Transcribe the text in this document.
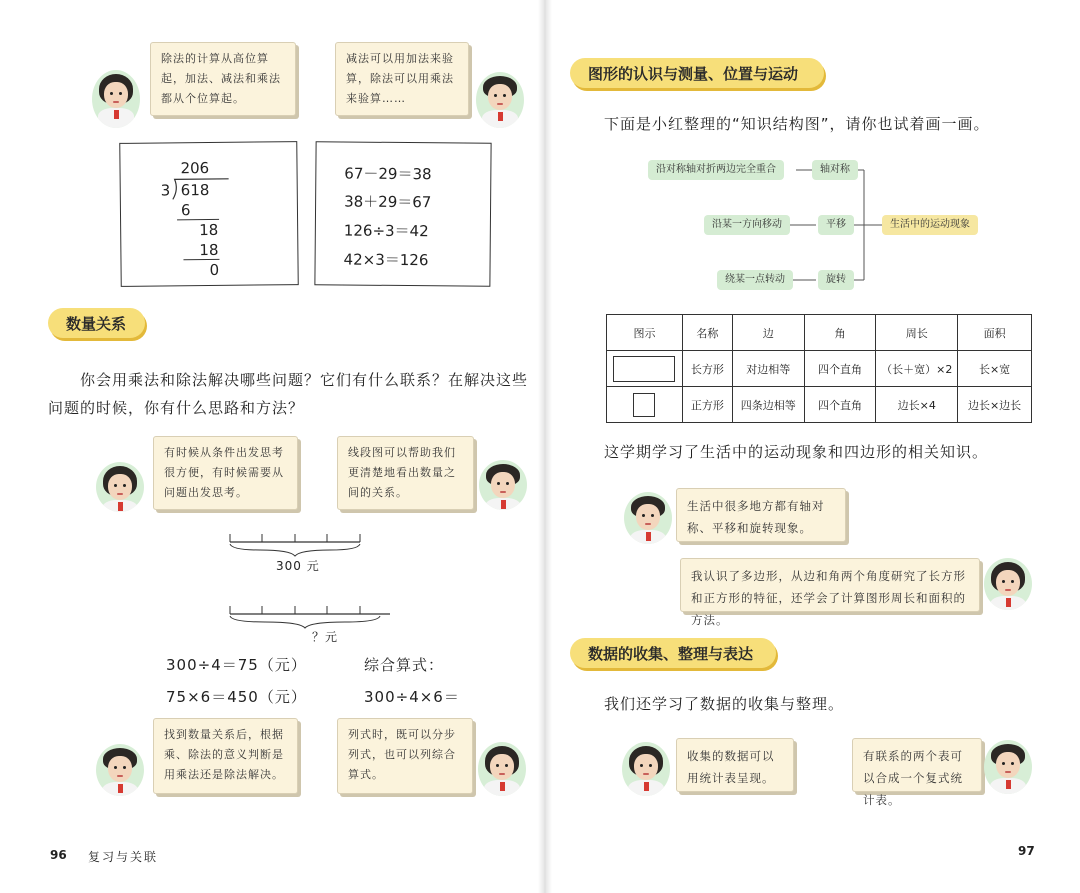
除法的计算从高位算起，加法、减法和乘法都从个位算起。
减法可以用加法来验算，除法可以用乘法来验算……
206
3 618
6
18
18
0
67－29＝38
38＋29＝67
126÷3＝42
42×3＝126
数量关系
你会用乘法和除法解决哪些问题？它们有什么联系？在解决这些问题的时候，你有什么思路和方法？
有时候从条件出发思考很方便，有时候需要从问题出发思考。
线段图可以帮助我们更清楚地看出数量之间的关系。
300 元
？元
300÷4＝75（元）
75×6＝450（元）
综合算式：
300÷4×6＝
找到数量关系后，根据乘、除法的意义判断是用乘法还是除法解决。
列式时，既可以分步列式，也可以列综合算式。
96 复习与关联
图形的认识与测量、位置与运动
下面是小红整理的“知识结构图”，请你也试着画一画。
沿对称轴对折两边完全重合	轴对称
沿某一方向移动	平移	生活中的运动现象
绕某一点转动	旋转
图示	名称	边	角	周长	面积

	长方形	对边相等	四个直角	（长＋宽）×2	长×宽

	正方形	四条边相等	四个直角	边长×4	边长×边长
这学期学习了生活中的运动现象和四边形的相关知识。
生活中很多地方都有轴对称、平移和旋转现象。
我认识了多边形，从边和角两个角度研究了长方形和正方形的特征，还学会了计算图形周长和面积的方法。
数据的收集、整理与表达
我们还学习了数据的收集与整理。
收集的数据可以用统计表呈现。
有联系的两个表可以合成一个复式统计表。
97
